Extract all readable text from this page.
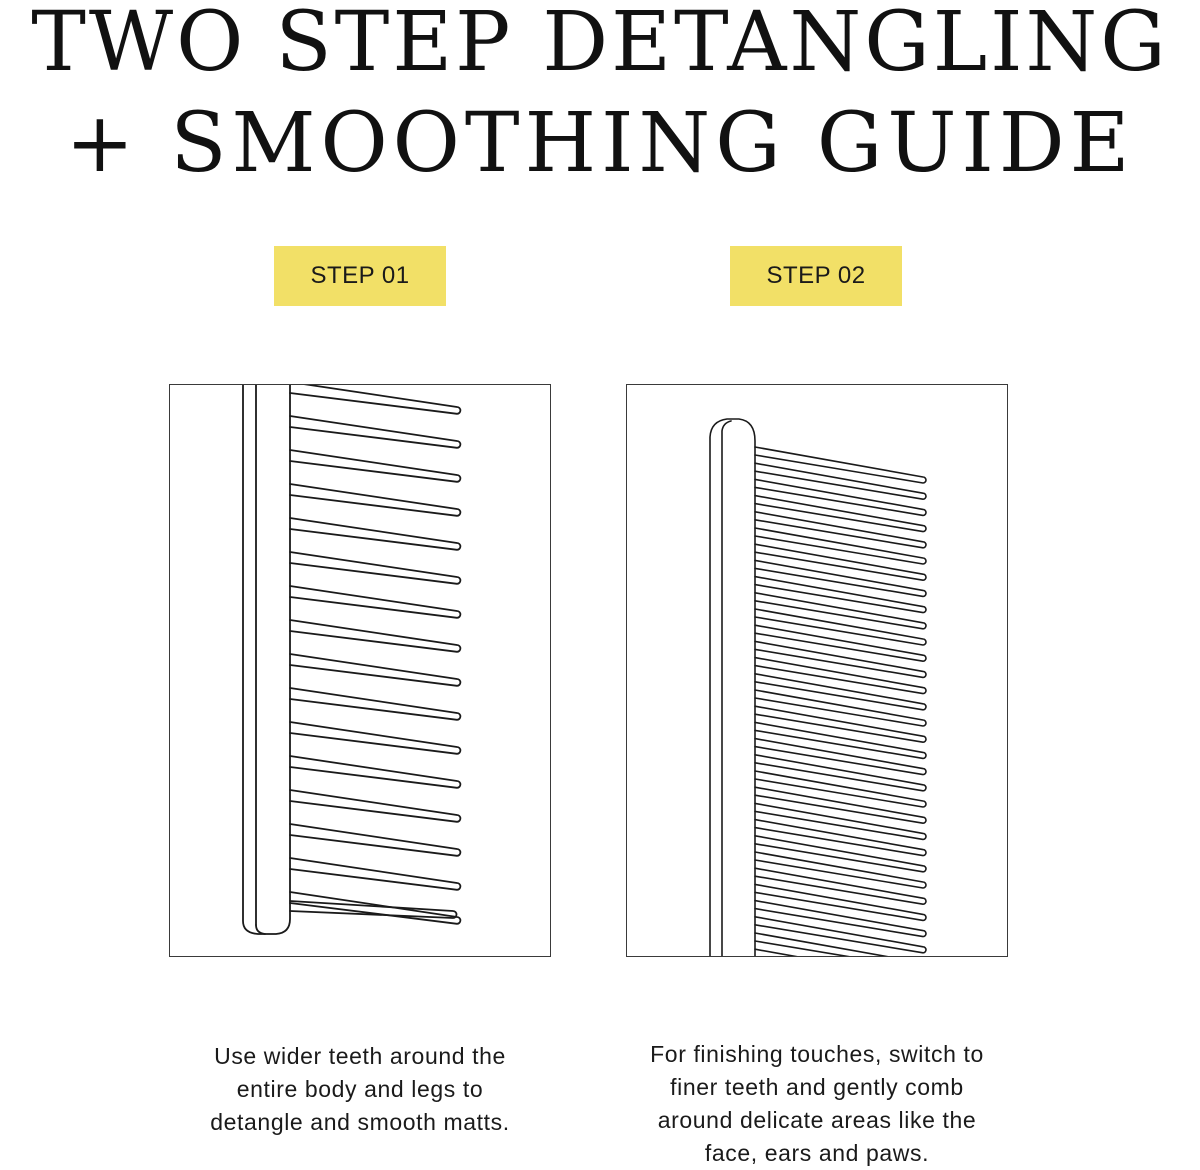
TWO STEP DETANGLING
+ SMOOTHING GUIDE
STEP 01	STEP 02

Use wider teeth around the
entire body and legs to
detangle and smooth matts.

For finishing touches, switch to
finer teeth and gently comb
around delicate areas like the
face, ears and paws.
